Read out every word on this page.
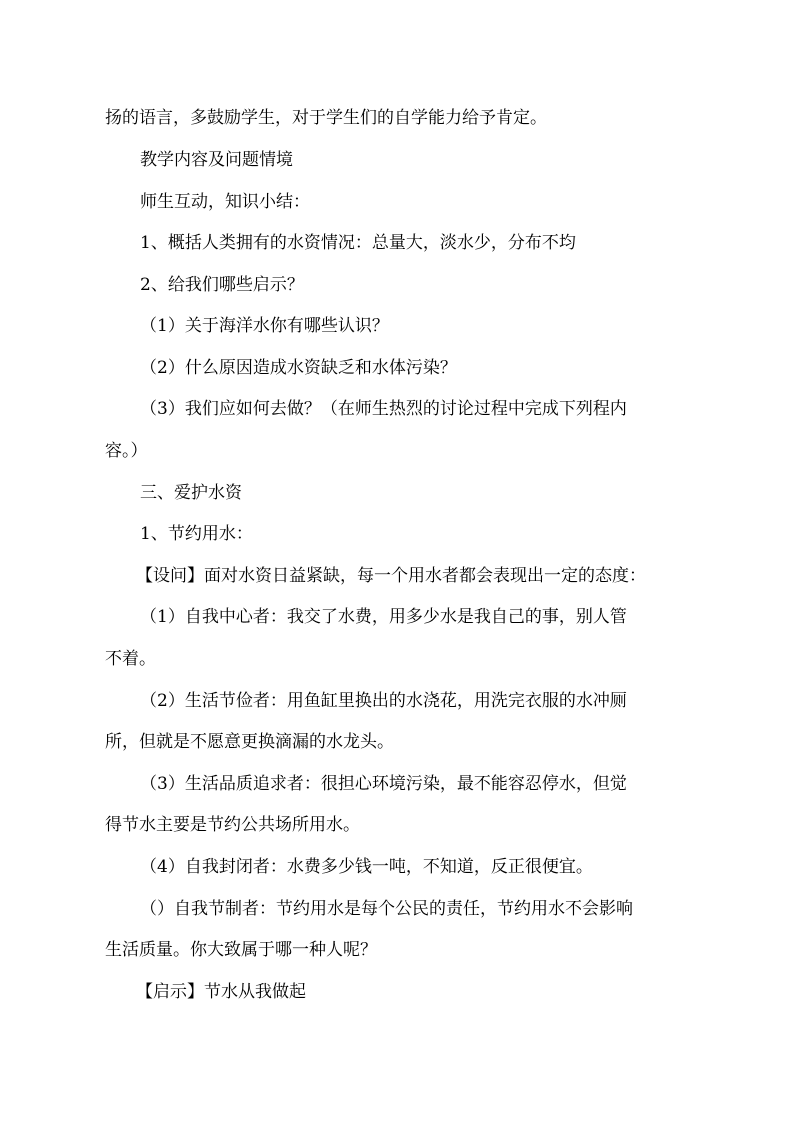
扬的语言，多鼓励学生，对于学生们的自学能力给予肯定。
教学内容及问题情境
师生互动，知识小结：
1、概括人类拥有的水资情况：总量大，淡水少，分布不均
2、给我们哪些启示？
（1）关于海洋水你有哪些认识？
（2）什么原因造成水资缺乏和水体污染？
（3）我们应如何去做？（在师生热烈的讨论过程中完成下列程内
容。）
三、爱护水资
1、节约用水：
【设问】面对水资日益紧缺，每一个用水者都会表现出一定的态度：
（1）自我中心者：我交了水费，用多少水是我自己的事，别人管
不着。
（2）生活节俭者：用鱼缸里换出的水浇花，用洗完衣服的水冲厕
所，但就是不愿意更换滴漏的水龙头。
（3）生活品质追求者：很担心环境污染，最不能容忍停水，但觉
得节水主要是节约公共场所用水。
（4）自我封闭者：水费多少钱一吨，不知道，反正很便宜。
（）自我节制者：节约用水是每个公民的责任，节约用水不会影响
生活质量。你大致属于哪一种人呢？
【启示】节水从我做起
